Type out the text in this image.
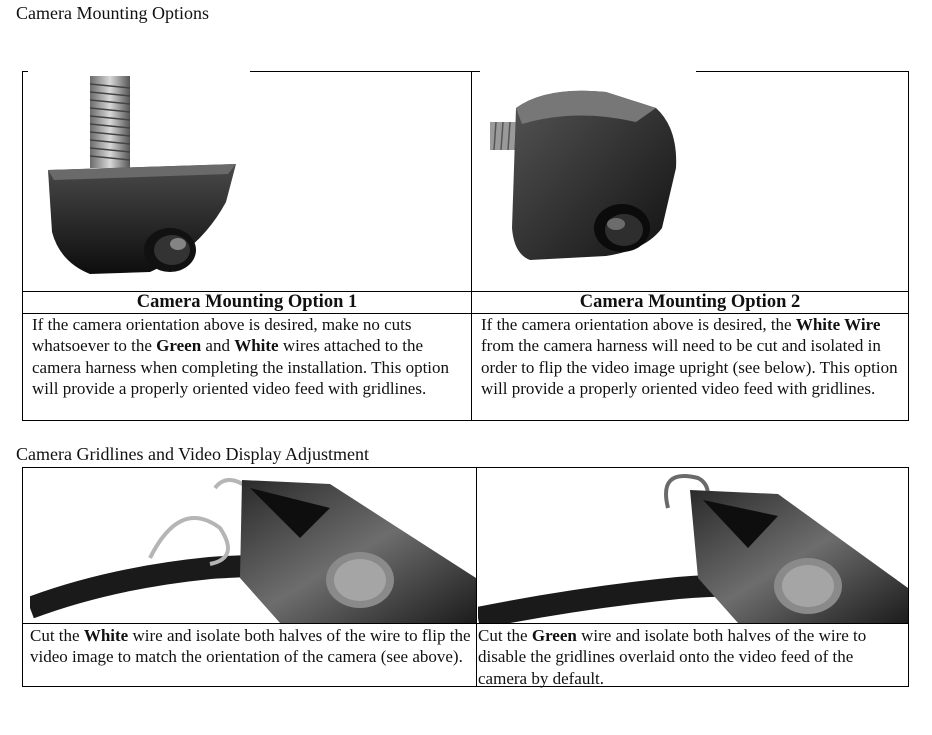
Camera Mounting Options
Camera Mounting Option 1	Camera Mounting Option 2
If the camera orientation above is desired, make no cuts whatsoever to the Green and White wires attached to the camera harness when completing the installation. This option will provide a properly oriented video feed with gridlines.
If the camera orientation above is desired, the White Wire from the camera harness will need to be cut and isolated in order to flip the video image upright (see below). This option will provide a properly oriented video feed with gridlines.
Camera Gridlines and Video Display Adjustment
Cut the White wire and isolate both halves of the wire to flip the video image to match the orientation of the camera (see above).
Cut the Green wire and isolate both halves of the wire to disable the gridlines overlaid onto the video feed of the camera by default.
